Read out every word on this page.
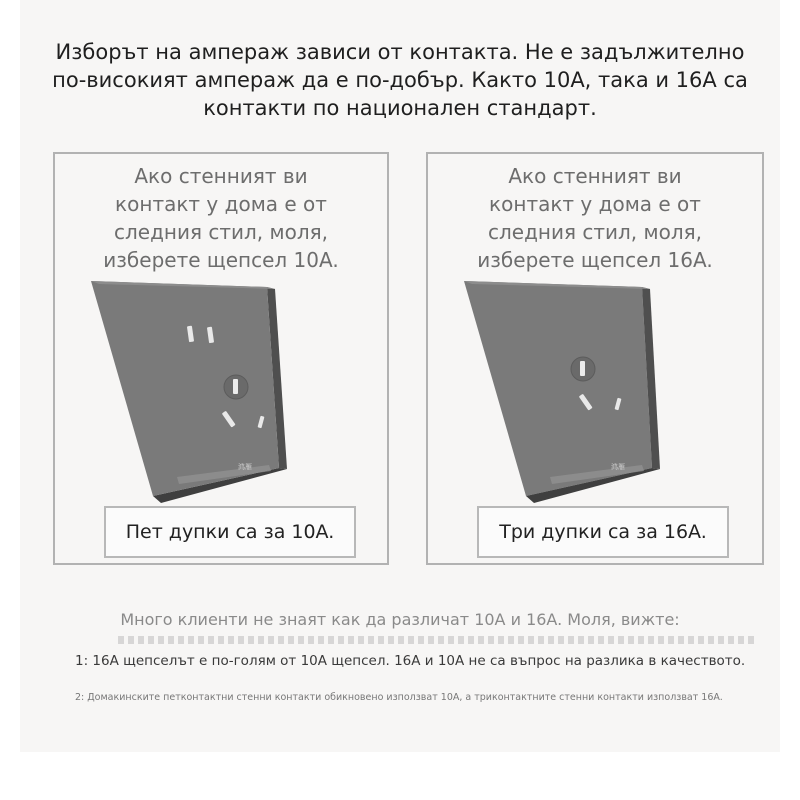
Изборът на ампераж зависи от контакта. Не е задължително
по-високият ампераж да е по-добър. Както 10A, така и 16A са
контакти по национален стандарт.
Ако стенният ви
контакт у дома е от
следния стил, моля,
изберете щепсел 10A.
鸿雁
Пет дупки са за 10A.
Ако стенният ви
контакт у дома е от
следния стил, моля,
изберете щепсел 16A.
鸿雁
Три дупки са за 16A.
Много клиенти не знаят как да различат 10A и 16A. Моля, вижте:
1: 16A щепселът е по-голям от 10A щепсел. 16A и 10A не са въпрос на разлика в качеството.
2: Домакинските петконтактни стенни контакти обикновено използват 10A, а триконтактните стенни контакти използват 16A.
